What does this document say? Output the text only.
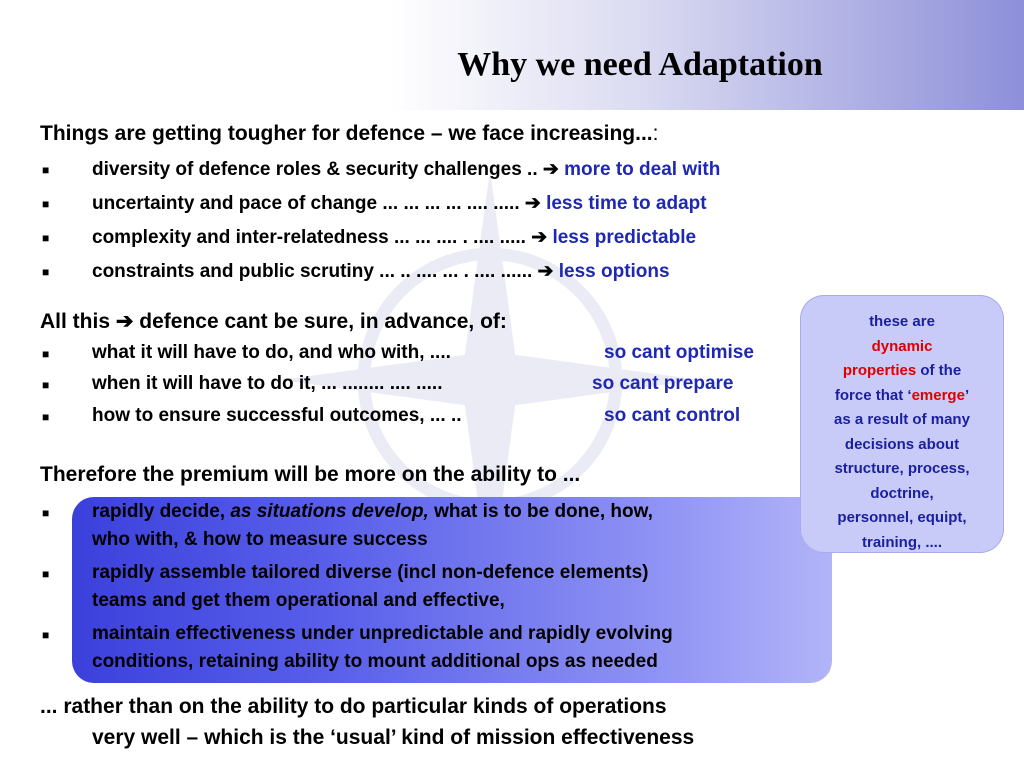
Why we need Adaptation
Things are getting tougher for defence – we face increasing...:
■ diversity of defence roles & security challenges .. ➔ more to deal with
■ uncertainty and pace of change ... ... ... ... .... ..... ➔ less time to adapt
■ complexity and inter-relatedness ... ... .... . .... ..... ➔ less predictable
■ constraints and public scrutiny ... .. .... ... . .... ...... ➔ less options
All this ➔ defence cant be sure, in advance, of:
■ what it will have to do, and who with, ....	so cant optimise
■ when it will have to do it, ... ........ .... .....	so cant prepare
■ how to ensure successful outcomes, ... ..	so cant control
Therefore the premium will be more on the ability to ...
■ rapidly decide, as situations develop, what is to be done, how,
who with, & how to measure success
■ rapidly assemble tailored diverse (incl non-defence elements)
teams and get them operational and effective,
■ maintain effectiveness under unpredictable and rapidly evolving
conditions, retaining ability to mount additional ops as needed
... rather than on the ability to do particular kinds of operations
very well – which is the ‘usual’ kind of mission effectiveness
these are
dynamic
properties of the
force that ‘emerge’
as a result of many
decisions about
structure, process,
doctrine,
personnel, equipt,
training, ....
